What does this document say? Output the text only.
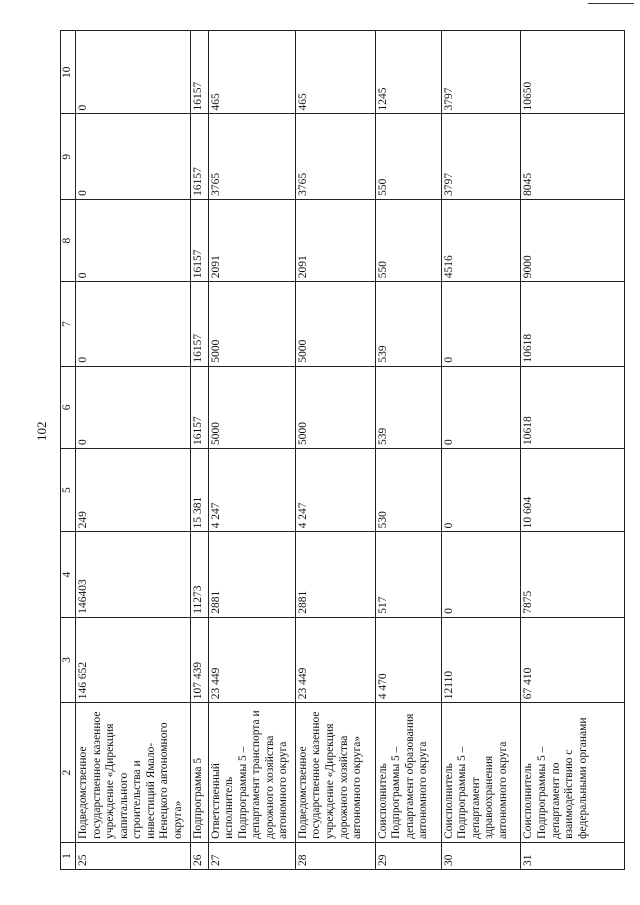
102
1	2	3	4	5	6	7	8	9	10
25	Подведомственное государственное казенное учреждение «Дирекция капитального строительства и инвестиций Ямало-Ненецкого автономного округа»	146 652	146403	249	0	0	0	0	0
26	Подпрограмма 5	107 439	11273	15 381	16157	16157	16157	16157	16157
27	Ответственный исполнитель Подпрограммы 5 – департамент транспорта и дорожного хозяйства автономного округа	23 449	2881	4 247	5000	5000	2091	3765	465
28	Подведомственное государственное казенное учреждение «Дирекция дорожного хозяйства автономного округа»	23 449	2881	4 247	5000	5000	2091	3765	465
29	Соисполнитель Подпрограммы 5 – департамент образования автономного округа	4 470	517	530	539	539	550	550	1245
30	Соисполнитель Подпрограммы 5 – департамент здравоохранения автономного округа	12110	0	0	0	0	4516	3797	3797
31	Соисполнитель Подпрограммы 5 – департамент по взаимодействию с федеральными органами	67 410	7875	10 604	10618	10618	9000	8045	10650
